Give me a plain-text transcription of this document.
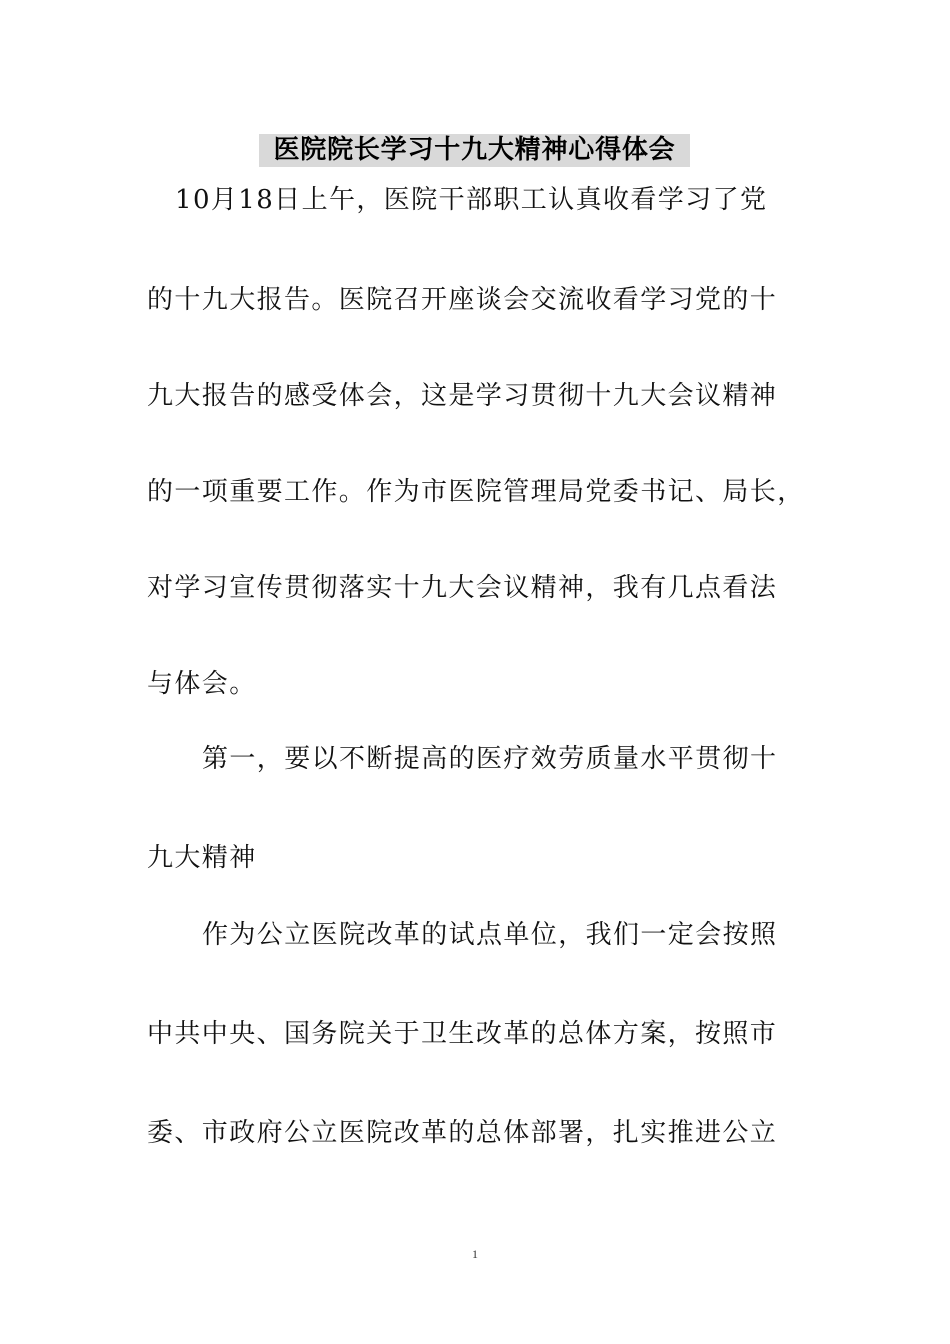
医院院长学习十九大精神心得体会
10月18日上午，医院干部职工认真收看学习了党
的十九大报告。医院召开座谈会交流收看学习党的十
九大报告的感受体会，这是学习贯彻十九大会议精神
的一项重要工作。作为市医院管理局党委书记、局长，
对学习宣传贯彻落实十九大会议精神，我有几点看法
与体会。
第一，要以不断提高的医疗效劳质量水平贯彻十
九大精神
作为公立医院改革的试点单位，我们一定会按照
中共中央、国务院关于卫生改革的总体方案，按照市
委、市政府公立医院改革的总体部署，扎实推进公立
1
